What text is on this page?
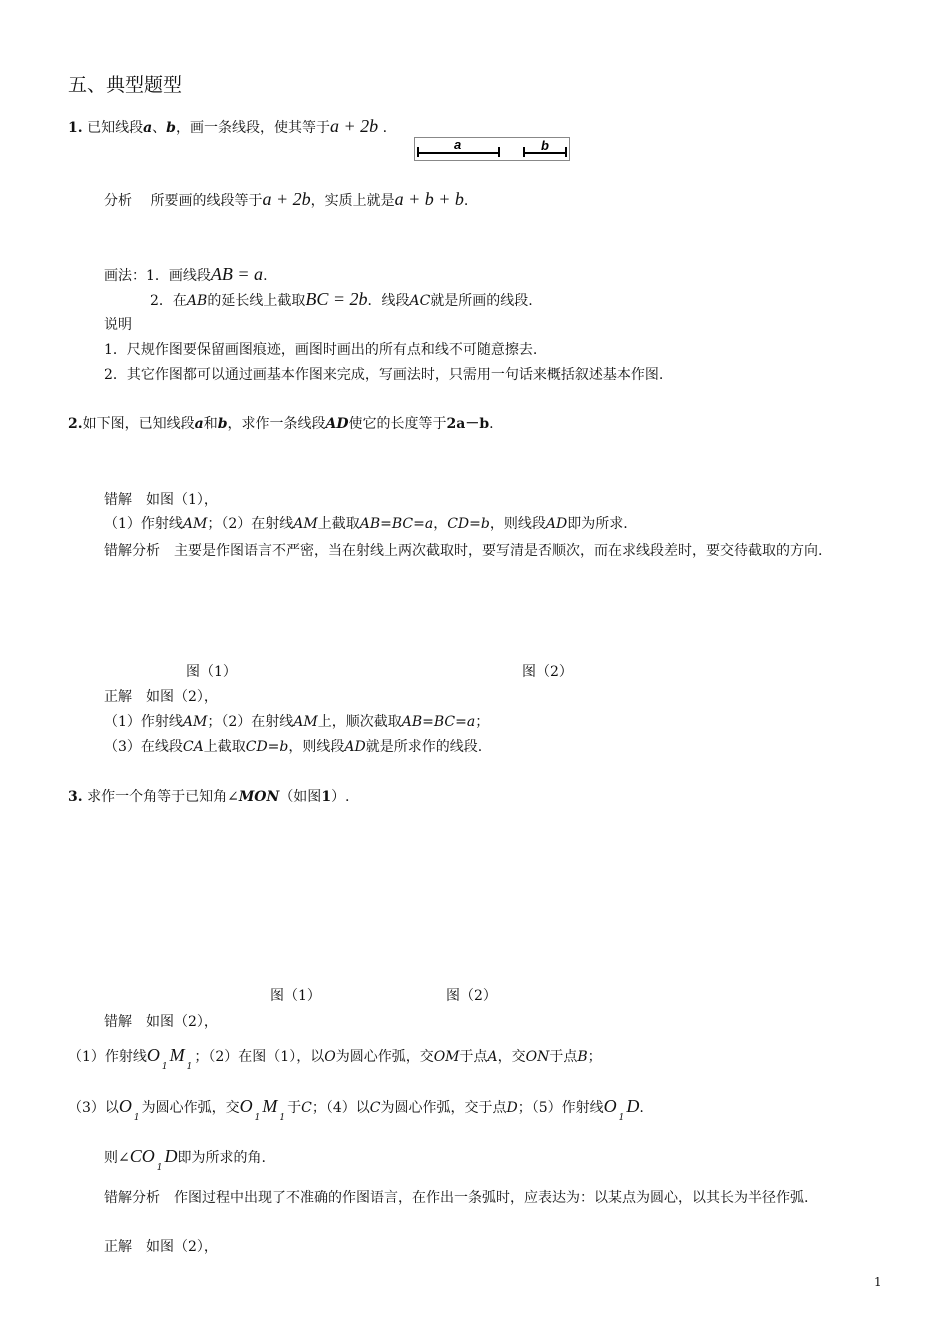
五、典型题型
1. 已知线段a、b，画一条线段，使其等于a + 2b .
a	b
分析　 所要画的线段等于a + 2b，实质上就是a + b + b.
画法：1．画线段AB = a.
2．在AB的延长线上截取BC = 2b．线段AC就是所画的线段.
说明
1．尺规作图要保留画图痕迹，画图时画出的所有点和线不可随意擦去.
2．其它作图都可以通过画基本作图来完成，写画法时，只需用一句话来概括叙述基本作图.
2.如下图，已知线段a和b，求作一条线段AD使它的长度等于2a－b.
错解　如图（1），
（1）作射线AM；（2）在射线AM上截取AB=BC=a，CD=b，则线段AD即为所求.
错解分析　主要是作图语言不严密，当在射线上两次截取时，要写清是否顺次，而在求线段差时，要交待截取的方向.
图（1）	图（2）
正解　如图（2），
（1）作射线AM；（2）在射线AM上，顺次截取AB=BC=a；
（3）在线段CA上截取CD=b，则线段AD就是所求作的线段.
3. 求作一个角等于已知角∠MON（如图1）.
图（1）	图（2）
错解　如图（2），
（1）作射线$O_1M_1$；（2）在图（1），以O为圆心作弧，交OM于点A，交ON于点B；
（3）以$O_1$为圆心作弧，交$O_1M_1$于C；（4）以C为圆心作弧，交于点D；（5）作射线$O_1D$.
则$\angle CO_1D$即为所求的角.
错解分析　作图过程中出现了不准确的作图语言，在作出一条弧时，应表达为：以某点为圆心，以其长为半径作弧.
正解　如图（2），
1
